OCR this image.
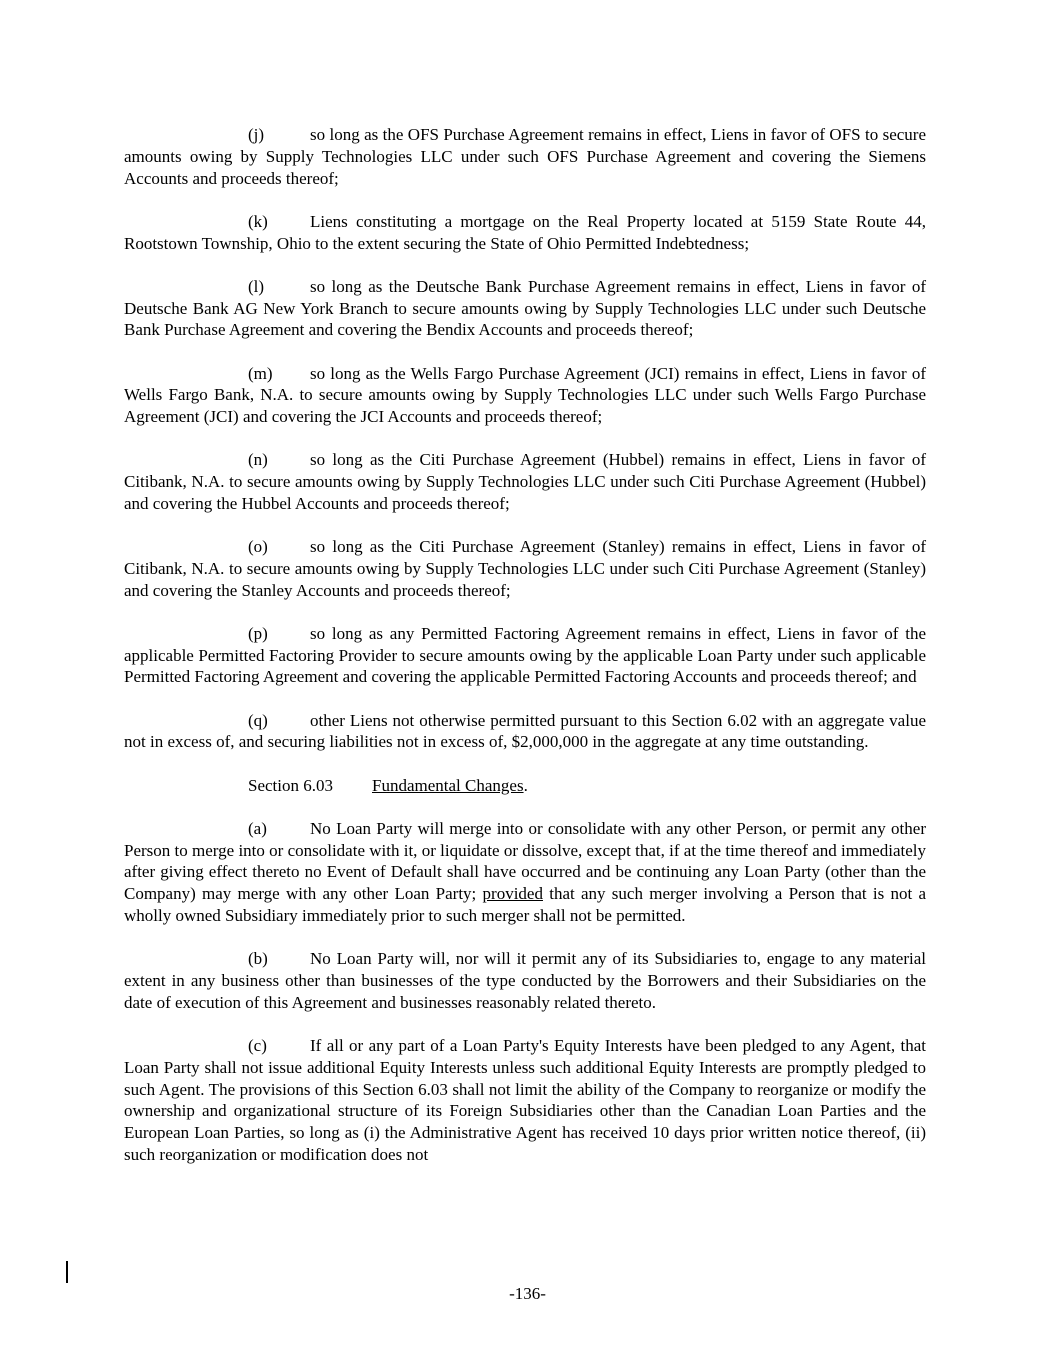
(j)	so long as the OFS Purchase Agreement remains in effect, Liens in favor of OFS to secure amounts owing by Supply Technologies LLC under such OFS Purchase Agreement and covering the Siemens Accounts and proceeds thereof;

(k) Liens constituting a mortgage on the Real Property located at 5159 State Route 44, Rootstown Township, Ohio to the extent securing the State of Ohio Permitted Indebtedness;

(l)	so long as the Deutsche Bank Purchase Agreement remains in effect, Liens in favor of Deutsche Bank AG New York Branch to secure amounts owing by Supply Technologies LLC under such Deutsche Bank Purchase Agreement and covering the Bendix Accounts and proceeds thereof;

(m) so long as the Wells Fargo Purchase Agreement (JCI) remains in effect, Liens in favor of Wells Fargo Bank, N.A. to secure amounts owing by Supply Technologies LLC under such Wells Fargo Purchase Agreement (JCI) and covering the JCI Accounts and proceeds thereof;

(n) so long as the Citi Purchase Agreement (Hubbel) remains in effect, Liens in favor of Citibank, N.A. to secure amounts owing by Supply Technologies LLC under such Citi Purchase Agreement (Hubbel) and covering the Hubbel Accounts and proceeds thereof;

(o) so long as the Citi Purchase Agreement (Stanley) remains in effect, Liens in favor of Citibank, N.A. to secure amounts owing by Supply Technologies LLC under such Citi Purchase Agreement (Stanley) and covering the Stanley Accounts and proceeds thereof;

(p) so long as any Permitted Factoring Agreement remains in effect, Liens in favor of the applicable Permitted Factoring Provider to secure amounts owing by the applicable Loan Party under such applicable Permitted Factoring Agreement and covering the applicable Permitted Factoring Accounts and proceeds thereof; and

(q) other Liens not otherwise permitted pursuant to this Section 6.02 with an aggregate value not in excess of, and securing liabilities not in excess of, $2,000,000 in the aggregate at any time outstanding.

Section 6.03 Fundamental Changes.

(a)	No Loan Party will merge into or consolidate with any other Person, or permit any other Person to merge into or consolidate with it, or liquidate or dissolve, except that, if at the time thereof and immediately after giving effect thereto no Event of Default shall have occurred and be continuing any Loan Party (other than the Company) may merge with any other Loan Party; provided that any such merger involving a Person that is not a wholly owned Subsidiary immediately prior to such merger shall not be permitted.

(b) No Loan Party will, nor will it permit any of its Subsidiaries to, engage to any material extent in any business other than businesses of the type conducted by the Borrowers and their Subsidiaries on the date of execution of this Agreement and businesses reasonably related thereto.

(c)	If all or any part of a Loan Party's Equity Interests have been pledged to any Agent, that Loan Party shall not issue additional Equity Interests unless such additional Equity Interests are promptly pledged to such Agent. The provisions of this Section 6.03 shall not limit the ability of the Company to reorganize or modify the ownership and organizational structure of its Foreign Subsidiaries other than the Canadian Loan Parties and the European Loan Parties, so long as (i) the Administrative Agent has received 10 days prior written notice thereof, (ii) such reorganization or modification does not

-136-
